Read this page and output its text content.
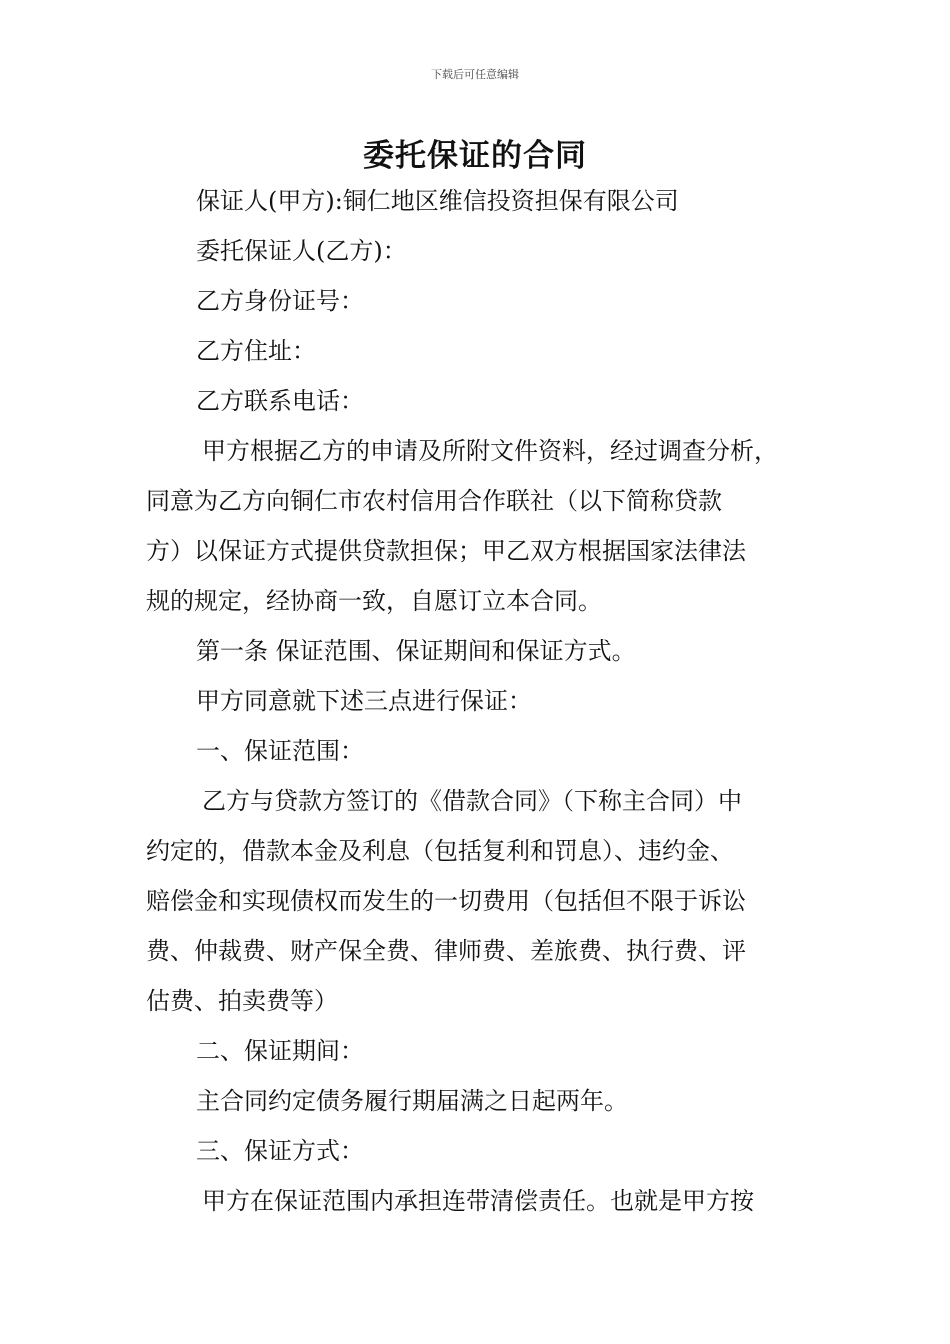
下载后可任意编辑
委托保证的合同
保证人(甲方):铜仁地区维信投资担保有限公司
委托保证人(乙方)：
乙方身份证号：
乙方住址：
乙方联系电话：
甲方根据乙方的申请及所附文件资料，经过调查分析，
同意为乙方向铜仁市农村信用合作联社（以下简称贷款
方）以保证方式提供贷款担保；甲乙双方根据国家法律法
规的规定，经协商一致，自愿订立本合同。
第一条 保证范围、保证期间和保证方式。
甲方同意就下述三点进行保证：
一、保证范围：
乙方与贷款方签订的《借款合同》（下称主合同）中
约定的，借款本金及利息（包括复利和罚息）、违约金、
赔偿金和实现债权而发生的一切费用（包括但不限于诉讼
费、仲裁费、财产保全费、律师费、差旅费、执行费、评
估费、拍卖费等）
二、保证期间：
主合同约定债务履行期届满之日起两年。
三、保证方式：
甲方在保证范围内承担连带清偿责任。也就是甲方按
